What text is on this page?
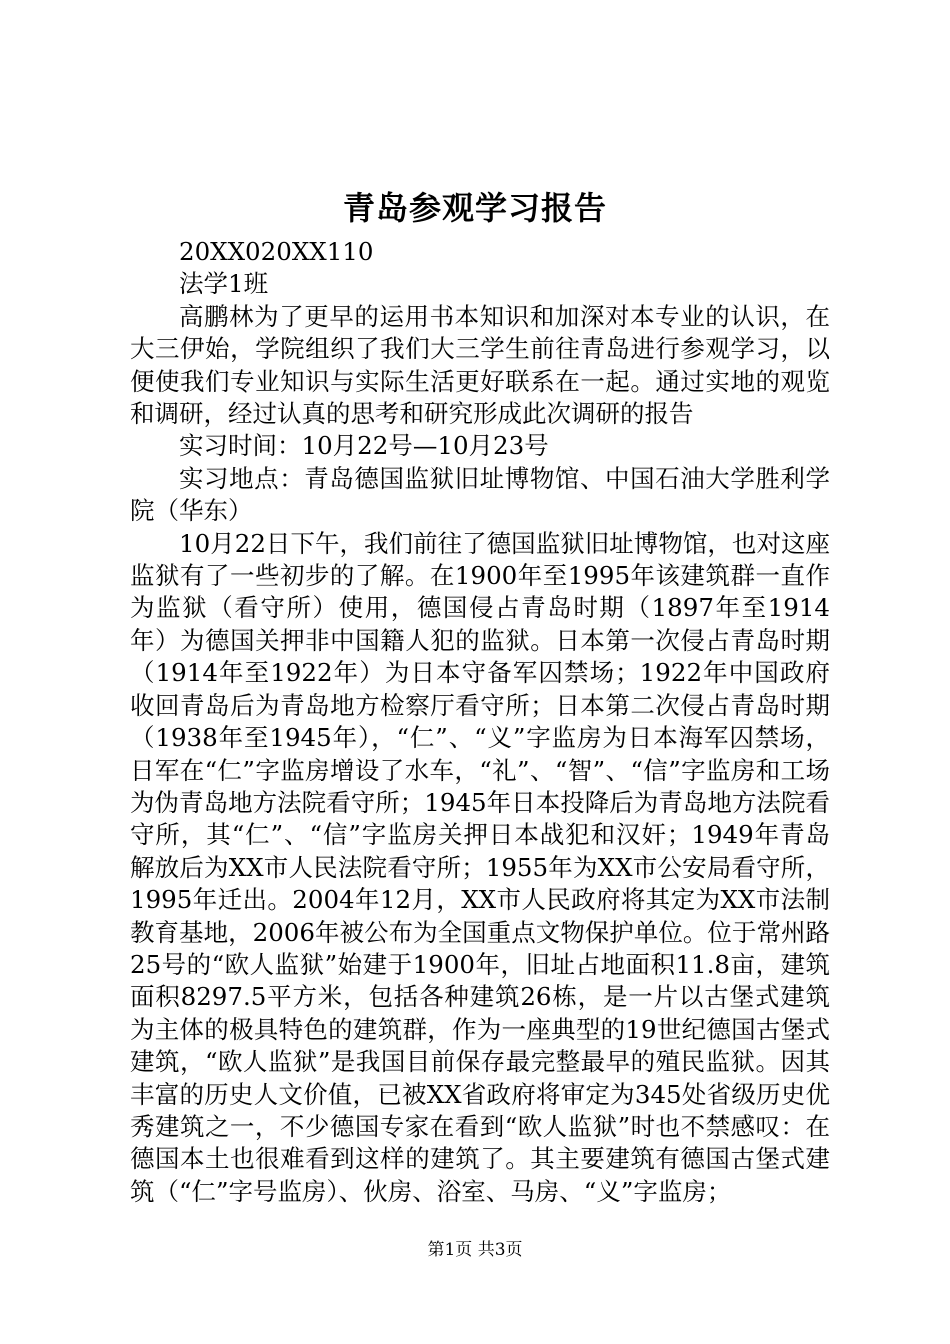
青岛参观学习报告

20XX020XX110

法学1班

高鹏林为了更早的运用书本知识和加深对本专业的认识，在大三伊始，学院组织了我们大三学生前往青岛进行参观学习，以便使我们专业知识与实际生活更好联系在一起。通过实地的观览和调研，经过认真的思考和研究形成此次调研的报告

实习时间：10月22号—10月23号

实习地点：青岛德国监狱旧址博物馆、中国石油大学胜利学院（华东）

10月22日下午，我们前往了德国监狱旧址博物馆，也对这座监狱有了一些初步的了解。在1900年至1995年该建筑群一直作为监狱（看守所）使用，德国侵占青岛时期（1897年至1914年）为德国关押非中国籍人犯的监狱。日本第一次侵占青岛时期（1914年至1922年）为日本守备军囚禁场；1922年中国政府收回青岛后为青岛地方检察厅看守所；日本第二次侵占青岛时期（1938年至1945年），“仁”、“义”字监房为日本海军囚禁场，日军在“仁”字监房增设了水车，“礼”、“智”、“信”字监房和工场为伪青岛地方法院看守所；1945年日本投降后为青岛地方法院看守所，其“仁”、“信”字监房关押日本战犯和汉奸；1949年青岛解放后为XX市人民法院看守所；1955年为XX市公安局看守所，1995年迁出。2004年12月，XX市人民政府将其定为XX市法制教育基地，2006年被公布为全国重点文物保护单位。位于常州路25号的“欧人监狱”始建于1900年，旧址占地面积11.8亩，建筑面积8297.5平方米，包括各种建筑26栋，是一片以古堡式建筑为主体的极具特色的建筑群，作为一座典型的19世纪德国古堡式建筑，“欧人监狱”是我国目前保存最完整最早的殖民监狱。因其丰富的历史人文价值，已被XX省政府将审定为345处省级历史优秀建筑之一，不少德国专家在看到“欧人监狱”时也不禁感叹：在德国本土也很难看到这样的建筑了。其主要建筑有德国古堡式建筑（“仁”字号监房）、伙房、浴室、马房、“义”字监房；

第1页 共3页
